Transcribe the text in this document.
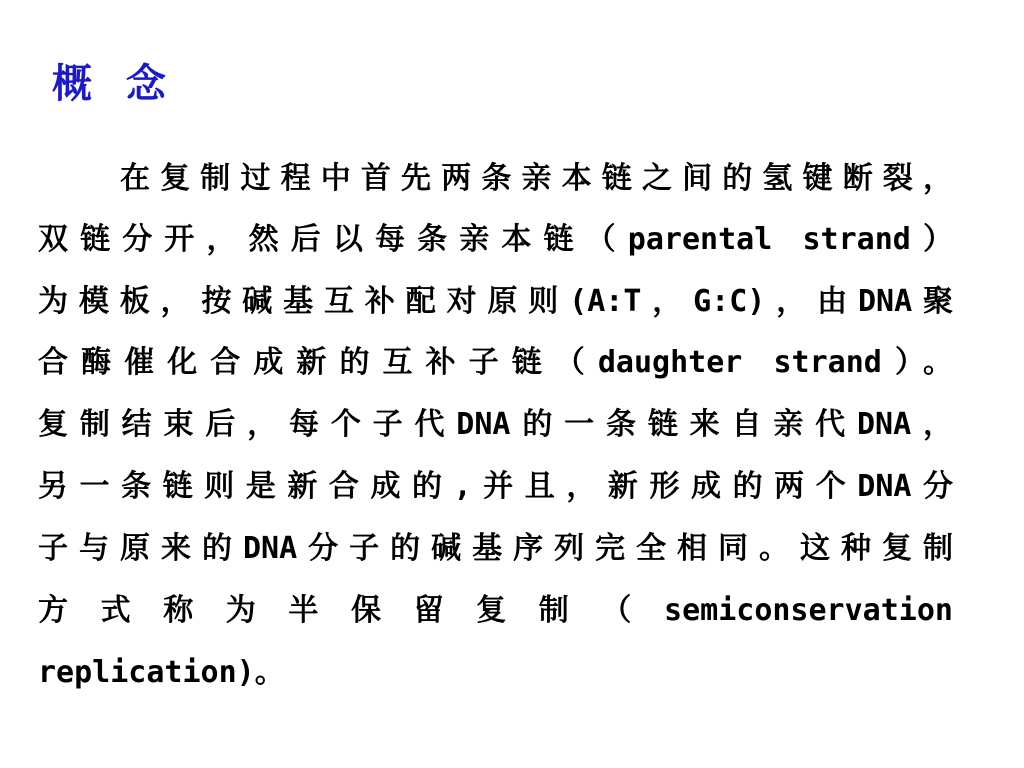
概 念
在复制过程中首先两条亲本链之间的氢键断裂，
双链分开，然后以每条亲本链（parental strand）
为模板，按碱基互补配对原则(A:T，G:C)，由DNA聚
合酶催化合成新的互补子链（daughter strand）。
复制结束后，每个子代DNA的一条链来自亲代DNA，
另一条链则是新合成的,并且，新形成的两个DNA分
子与原来的DNA分子的碱基序列完全相同。这种复制
方 式 称 为 半 保 留 复 制 （ semiconservation
replication)。
